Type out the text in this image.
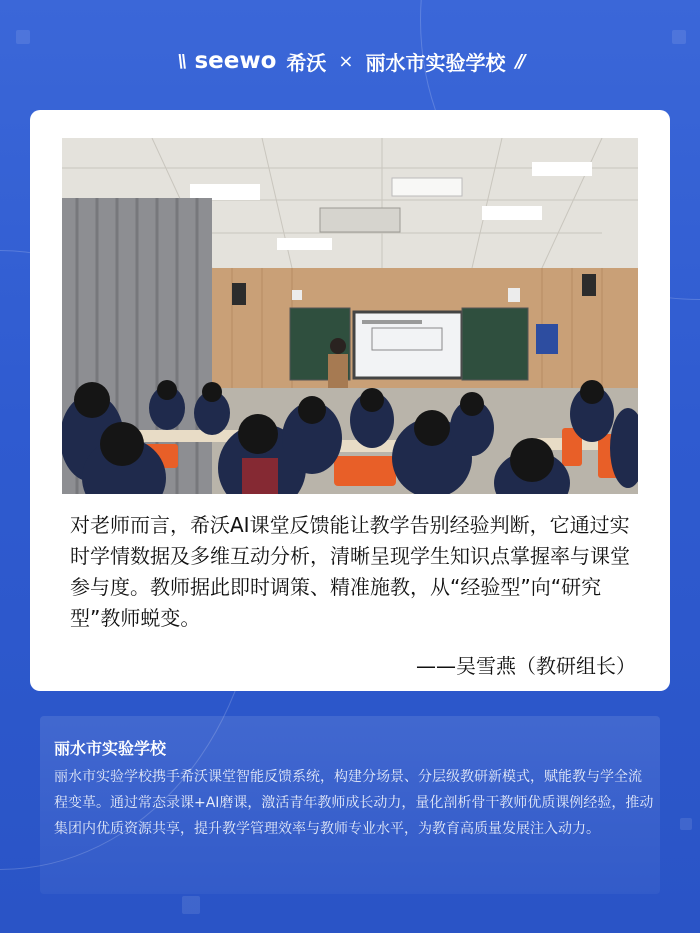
\\ seewo 希沃 × 丽水市实验学校 //
对老师而言，希沃AI课堂反馈能让教学告别经验判断，它通过实时学情数据及多维互动分析，清晰呈现学生知识点掌握率与课堂参与度。教师据此即时调策、精准施教，从“经验型”向“研究型”教师蜕变。
——吴雪燕（教研组长）
丽水市实验学校
丽水市实验学校携手希沃课堂智能反馈系统，构建分场景、分层级教研新模式，赋能教与学全流程变革。通过常态录课+AI磨课，激活青年教师成长动力，量化剖析骨干教师优质课例经验，推动集团内优质资源共享，提升教学管理效率与教师专业水平，为教育高质量发展注入动力。
